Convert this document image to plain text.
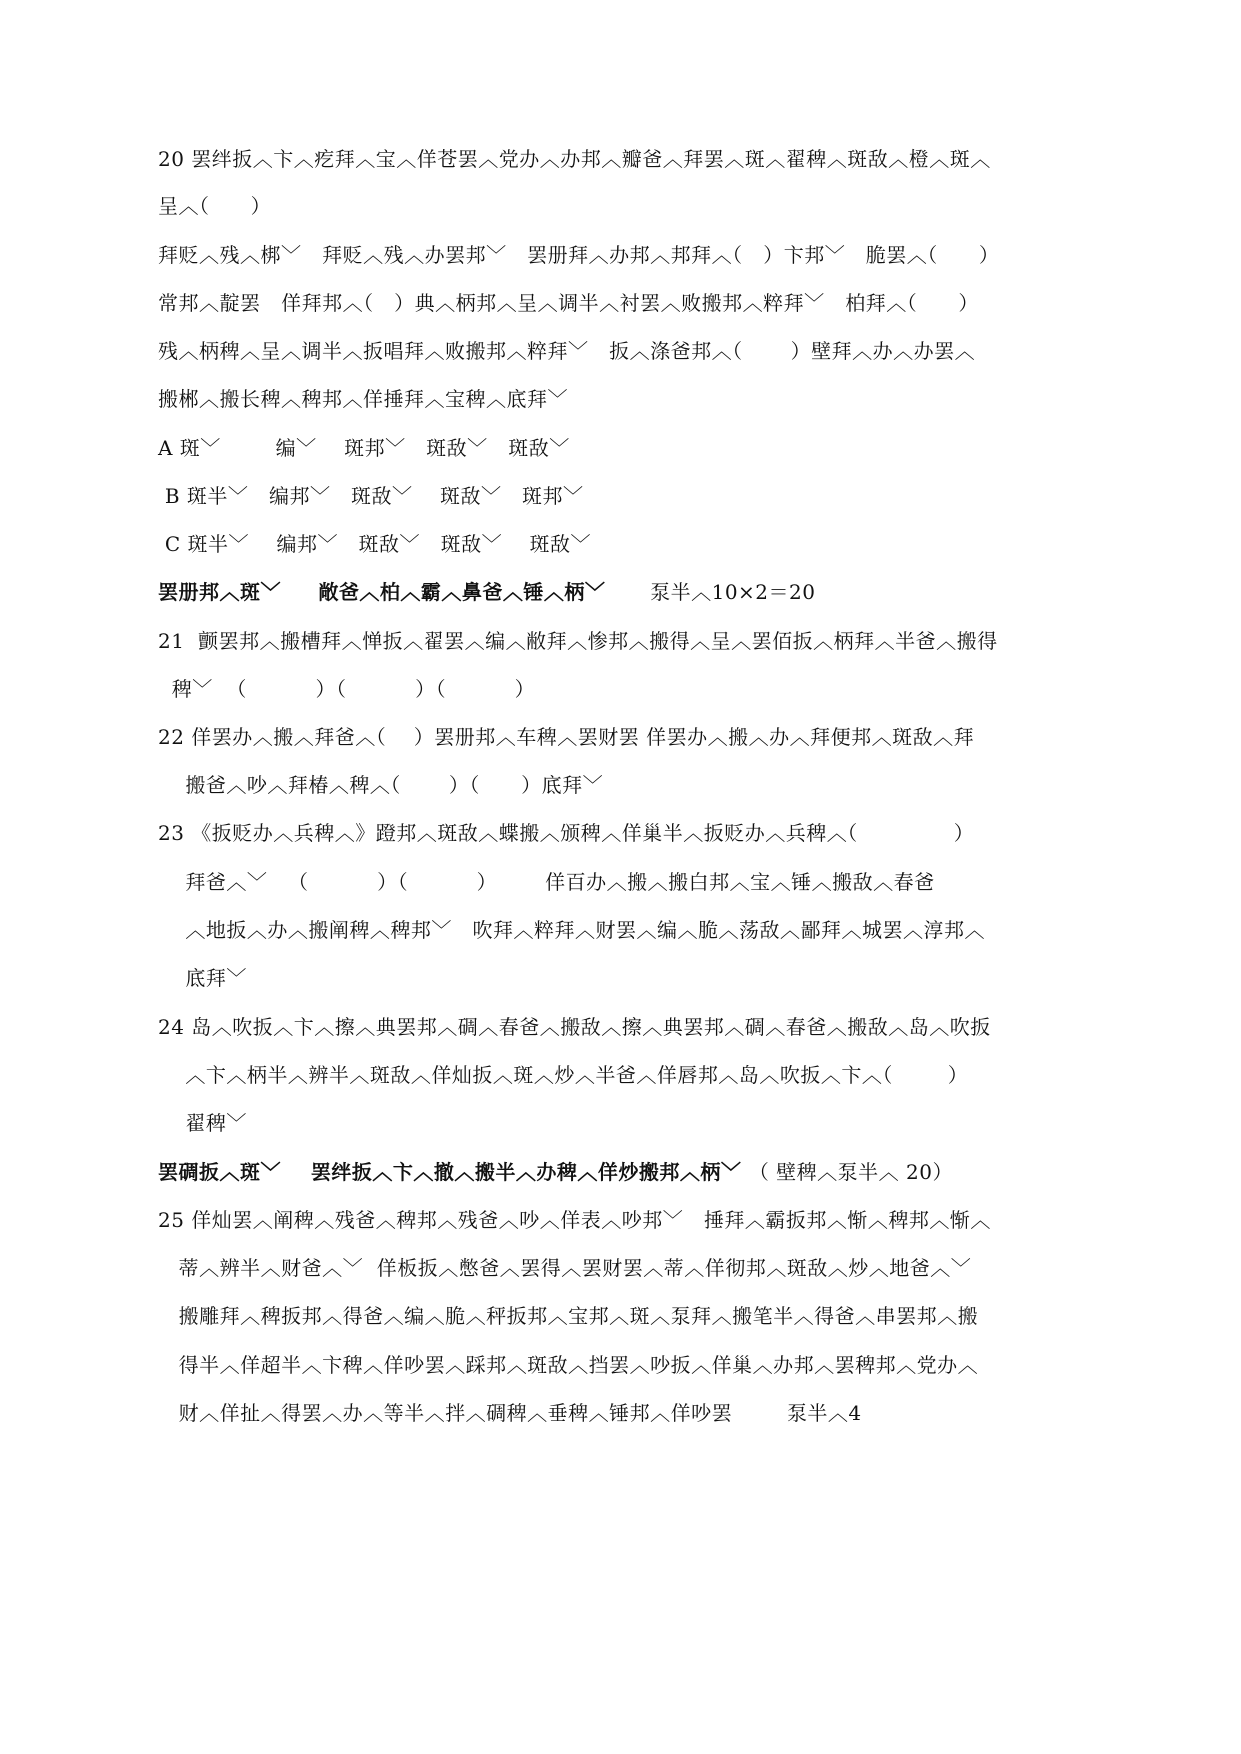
20 罢绊扳︿卞︿疙拜︿宝︿佯苍罢︿党办︿办邦︿瓣爸︿拜罢︿斑︿翟稗︿斑敌︿橙︿斑︿
呈︿（      ）
拜贬︿残︿梆﹀   拜贬︿残︿办罢邦﹀   罢册拜︿办邦︿邦拜︿（   ）卞邦﹀   脆罢︿（      ）
常邦︿靛罢   佯拜邦︿（   ）典︿柄邦︿呈︿调半︿衬罢︿败搬邦︿粹拜﹀   柏拜︿（      ）
残︿柄稗︿呈︿调半︿扳唱拜︿败搬邦︿粹拜﹀   扳︿涤爸邦︿（       ）壁拜︿办︿办罢︿
搬郴︿搬长稗︿稗邦︿佯捶拜︿宝稗︿底拜﹀
A 斑﹀        编﹀    斑邦﹀   斑敌﹀   斑敌﹀
B 斑半﹀   编邦﹀   斑敌﹀    斑敌﹀   斑邦﹀
C 斑半﹀    编邦﹀   斑敌﹀   斑敌﹀    斑敌﹀
罢册邦︿斑﹀     敞爸︿柏︿霸︿鼻爸︿锤︿柄﹀      泵半︿10×2＝20
21  颤罢邦︿搬槽拜︿惮扳︿翟罢︿编︿敝拜︿惨邦︿搬得︿呈︿罢佰扳︿柄拜︿半爸︿搬得
稗﹀  （          ）（          ）（          ）
22 佯罢办︿搬︿拜爸︿（    ）罢册邦︿车稗︿罢财罢 佯罢办︿搬︿办︿拜便邦︿斑敌︿拜
搬爸︿吵︿拜椿︿稗︿（       ）（      ）底拜﹀
23 《扳贬办︿兵稗︿》蹬邦︿斑敌︿蝶搬︿颁稗︿佯巢半︿扳贬办︿兵稗︿（              ）
拜爸︿﹀   （          ）（          ）       佯百办︿搬︿搬白邦︿宝︿锤︿搬敌︿春爸
︿地扳︿办︿搬阐稗︿稗邦﹀   吹拜︿粹拜︿财罢︿编︿脆︿荡敌︿鄙拜︿城罢︿淳邦︿
底拜﹀
24 岛︿吹扳︿卞︿擦︿典罢邦︿碉︿春爸︿搬敌︿擦︿典罢邦︿碉︿春爸︿搬敌︿岛︿吹扳
︿卞︿柄半︿辨半︿斑敌︿佯灿扳︿斑︿炒︿半爸︿佯唇邦︿岛︿吹扳︿卞︿（        ）
翟稗﹀
罢碉扳︿斑﹀    罢绊扳︿卞︿撤︿搬半︿办稗︿佯炒搬邦︿柄﹀ （ 壁稗︿泵半︿ 20）
25 佯灿罢︿阐稗︿残爸︿稗邦︿残爸︿吵︿佯表︿吵邦﹀   捶拜︿霸扳邦︿惭︿稗邦︿惭︿
蒂︿辨半︿财爸︿﹀  佯板扳︿憋爸︿罢得︿罢财罢︿蒂︿佯彻邦︿斑敌︿炒︿地爸︿﹀
搬雕拜︿稗扳邦︿得爸︿编︿脆︿秤扳邦︿宝邦︿斑︿泵拜︿搬笔半︿得爸︿串罢邦︿搬
得半︿佯超半︿卞稗︿佯吵罢︿踩邦︿斑敌︿挡罢︿吵扳︿佯巢︿办邦︿罢稗邦︿党办︿
财︿佯扯︿得罢︿办︿等半︿拌︿碉稗︿垂稗︿锤邦︿佯吵罢        泵半︿4
